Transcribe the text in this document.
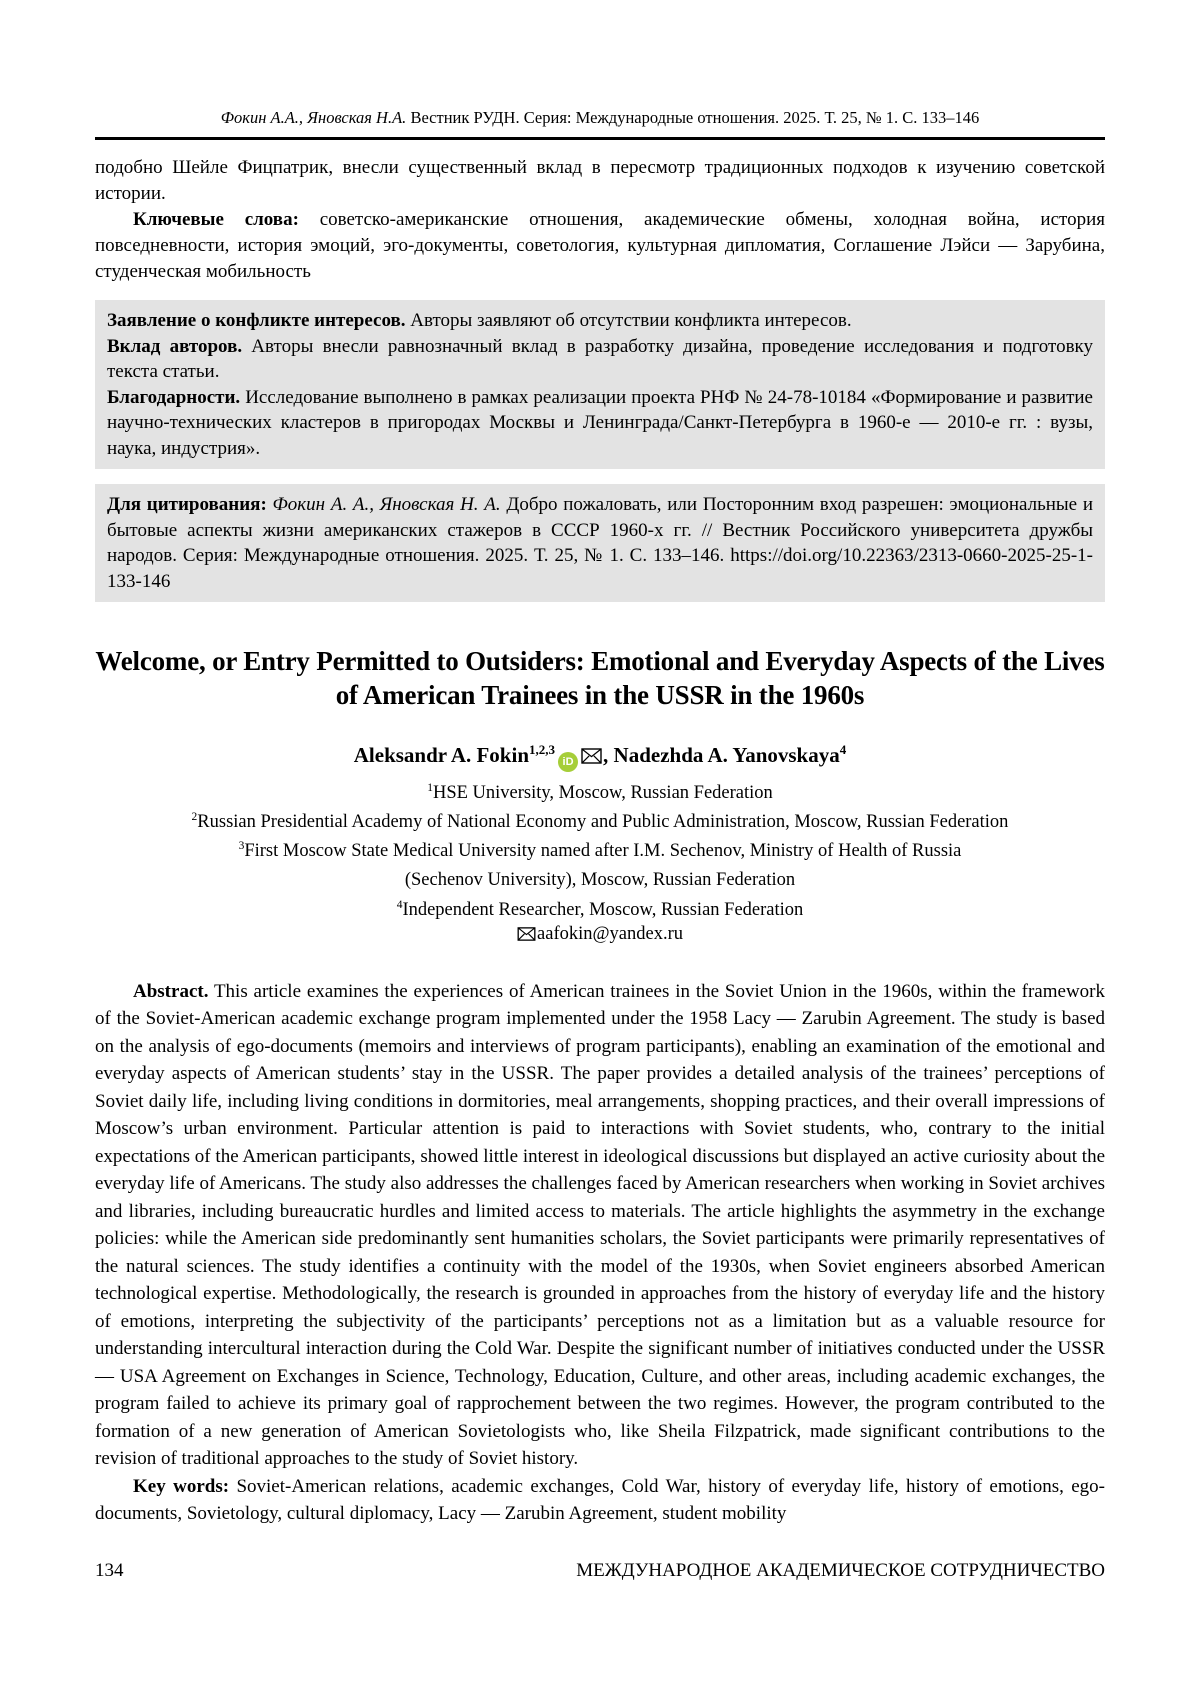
Фокин А.А., Яновская Н.А. Вестник РУДН. Серия: Международные отношения. 2025. Т. 25, № 1. С. 133–146

подобно Шейле Фицпатрик, внесли существенный вклад в пересмотр традиционных подходов к изучению советской истории.

Ключевые слова: советско-американские отношения, академические обмены, холодная война, история повседневности, история эмоций, эго-документы, советология, культурная дипломатия, Соглашение Лэйси — Зарубина, студенческая мобильность

Заявление о конфликте интересов. Авторы заявляют об отсутствии конфликта интересов.

Вклад авторов. Авторы внесли равнозначный вклад в разработку дизайна, проведение исследования и подготовку текста статьи.

Благодарности. Исследование выполнено в рамках реализации проекта РНФ № 24-78-10184 «Формирование и развитие научно-технических кластеров в пригородах Москвы и Ленинграда/Санкт-Петербурга в 1960-е — 2010-е гг. : вузы, наука, индустрия».

Для цитирования: Фокин А. А., Яновская Н. А. Добро пожаловать, или Посторонним вход разрешен: эмоциональные и бытовые аспекты жизни американских стажеров в СССР 1960-х гг. // Вестник Российского университета дружбы народов. Серия: Международные отношения. 2025. Т. 25, № 1. С. 133–146. https://doi.org/10.22363/2313-0660-2025-25-1-133-146

Welcome, or Entry Permitted to Outsiders: Emotional and Everyday Aspects of the Lives of American Trainees in the USSR in the 1960s
Aleksandr A. Fokin$^{1,2,3}$iD , Nadezhda A. Yanovskaya$^4$

$^1$HSE University, Moscow, Russian Federation

$^2$Russian Presidential Academy of National Economy and Public Administration, Moscow, Russian Federation

$^3$First Moscow State Medical University named after I.M. Sechenov, Ministry of Health of Russia

(Sechenov University), Moscow, Russian Federation

$^4$Independent Researcher, Moscow, Russian Federation

aafokin@yandex.ru

Abstract. This article examines the experiences of American trainees in the Soviet Union in the 1960s, within the framework of the Soviet-American academic exchange program implemented under the 1958 Lacy — Zarubin Agreement. The study is based on the analysis of ego-documents (memoirs and interviews of program participants), enabling an examination of the emotional and everyday aspects of American students’ stay in the USSR. The paper provides a detailed analysis of the trainees’ perceptions of Soviet daily life, including living conditions in dormitories, meal arrangements, shopping practices, and their overall impressions of Moscow’s urban environment. Particular attention is paid to interactions with Soviet students, who, contrary to the initial expectations of the American participants, showed little interest in ideological discussions but displayed an active curiosity about the everyday life of Americans. The study also addresses the challenges faced by American researchers when working in Soviet archives and libraries, including bureaucratic hurdles and limited access to materials. The article highlights the asymmetry in the exchange policies: while the American side predominantly sent humanities scholars, the Soviet participants were primarily representatives of the natural sciences. The study identifies a continuity with the model of the 1930s, when Soviet engineers absorbed American technological expertise. Methodologically, the research is grounded in approaches from the history of everyday life and the history of emotions, interpreting the subjectivity of the participants’ perceptions not as a limitation but as a valuable resource for understanding intercultural interaction during the Cold War. Despite the significant number of initiatives conducted under the USSR — USA Agreement on Exchanges in Science, Technology, Education, Culture, and other areas, including academic exchanges, the program failed to achieve its primary goal of rapprochement between the two regimes. However, the program contributed to the formation of a new generation of American Sovietologists who, like Sheila Filzpatrick, made significant contributions to the revision of traditional approaches to the study of Soviet history.

Key words: Soviet-American relations, academic exchanges, Cold War, history of everyday life, history of emotions, ego-documents, Sovietology, cultural diplomacy, Lacy — Zarubin Agreement, student mobility

134	МЕЖДУНАРОДНОЕ АКАДЕМИЧЕСКОЕ СОТРУДНИЧЕСТВО
